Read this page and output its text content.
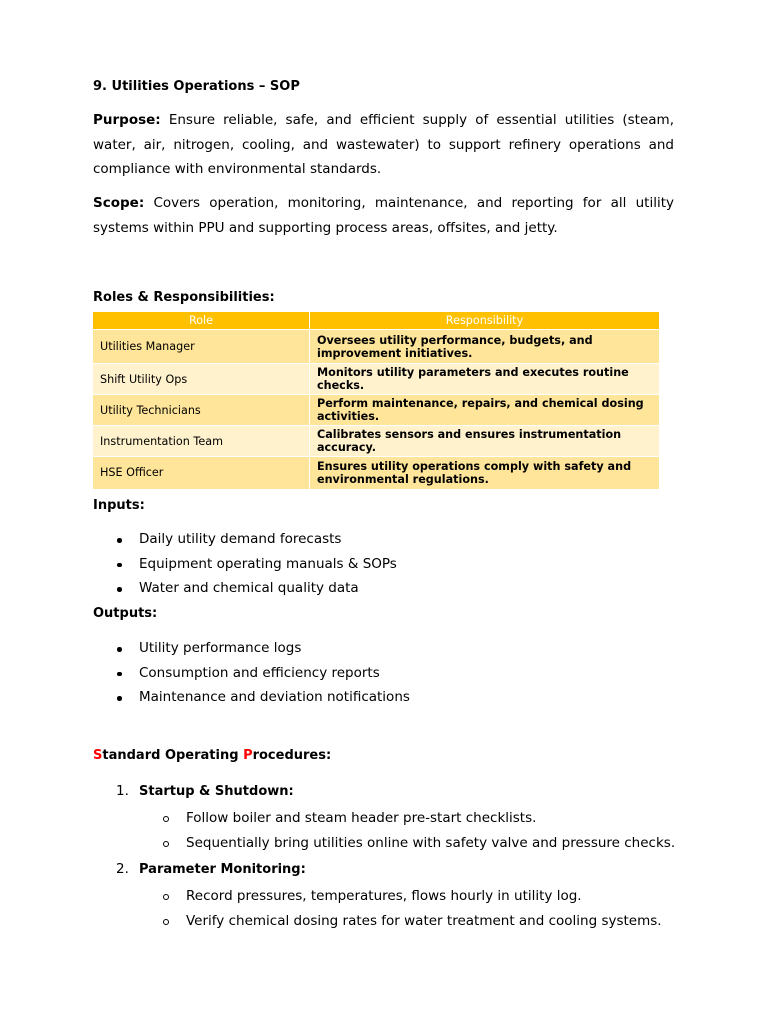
9. Utilities Operations – SOP
Purpose: Ensure reliable, safe, and efficient supply of essential utilities (steam, water, air, nitrogen, cooling, and wastewater) to support refinery operations and compliance with environmental standards.
Scope: Covers operation, monitoring, maintenance, and reporting for all utility systems within PPU and supporting process areas, offsites, and jetty.
Roles & Responsibilities:
Role	Responsibility
Utilities Manager	Oversees utility performance, budgets, and improvement initiatives.
Shift Utility Ops	Monitors utility parameters and executes routine checks.
Utility Technicians	Perform maintenance, repairs, and chemical dosing activities.
Instrumentation Team	Calibrates sensors and ensures instrumentation accuracy.
HSE Officer	Ensures utility operations comply with safety and environmental regulations.
Inputs:
Daily utility demand forecasts
Equipment operating manuals & SOPs
Water and chemical quality data
Outputs:
Utility performance logs
Consumption and efficiency reports
Maintenance and deviation notifications
Standard Operating Procedures:
1. Startup & Shutdown:
Follow boiler and steam header pre-start checklists.
Sequentially bring utilities online with safety valve and pressure checks.
2. Parameter Monitoring:
Record pressures, temperatures, flows hourly in utility log.
Verify chemical dosing rates for water treatment and cooling systems.
